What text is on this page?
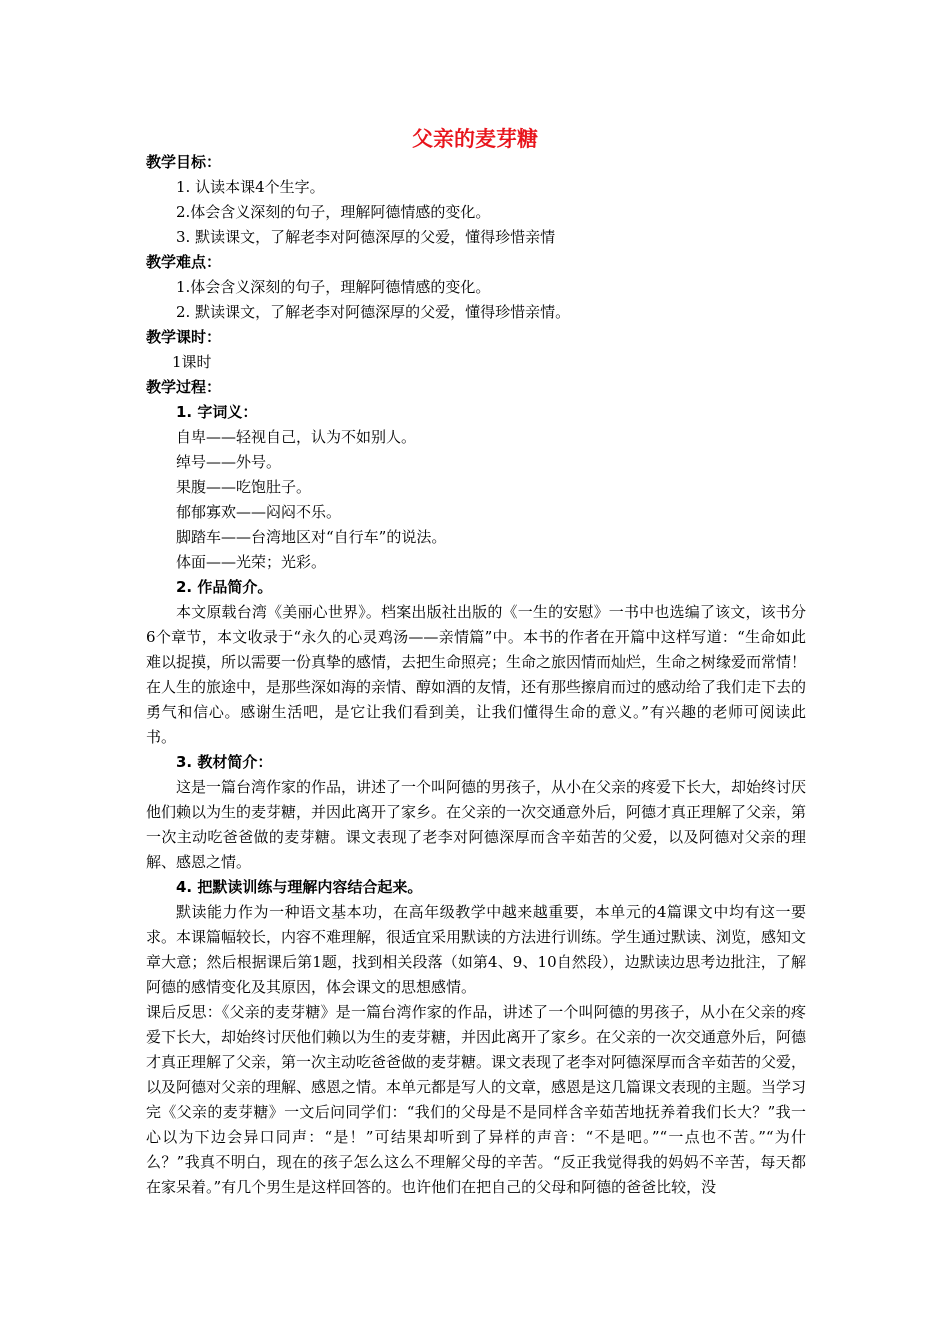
父亲的麦芽糖
教学目标：
1. 认读本课4个生字。
2.体会含义深刻的句子，理解阿德情感的变化。
3. 默读课文，了解老李对阿德深厚的父爱，懂得珍惜亲情
教学难点：
1.体会含义深刻的句子，理解阿德情感的变化。
2. 默读课文，了解老李对阿德深厚的父爱，懂得珍惜亲情。
教学课时：
1课时
教学过程：
1. 字词义：
自卑——轻视自己，认为不如别人。
绰号——外号。
果腹——吃饱肚子。
郁郁寡欢——闷闷不乐。
脚踏车——台湾地区对“自行车”的说法。
体面——光荣；光彩。
2. 作品简介。
本文原载台湾《美丽心世界》。档案出版社出版的《一生的安慰》一书中也选编了该文，该书分6个章节，本文收录于“永久的心灵鸡汤——亲情篇”中。本书的作者在开篇中这样写道：“生命如此难以捉摸，所以需要一份真挚的感情，去把生命照亮；生命之旅因情而灿烂，生命之树缘爱而常情！在人生的旅途中，是那些深如海的亲情、醇如酒的友情，还有那些擦肩而过的感动给了我们走下去的勇气和信心。感谢生活吧，是它让我们看到美，让我们懂得生命的意义。”有兴趣的老师可阅读此书。
3. 教材简介：
这是一篇台湾作家的作品，讲述了一个叫阿德的男孩子，从小在父亲的疼爱下长大，却始终讨厌他们赖以为生的麦芽糖，并因此离开了家乡。在父亲的一次交通意外后，阿德才真正理解了父亲，第一次主动吃爸爸做的麦芽糖。课文表现了老李对阿德深厚而含辛茹苦的父爱，以及阿德对父亲的理解、感恩之情。
4. 把默读训练与理解内容结合起来。
默读能力作为一种语文基本功，在高年级教学中越来越重要，本单元的4篇课文中均有这一要求。本课篇幅较长，内容不难理解，很适宜采用默读的方法进行训练。学生通过默读、浏览，感知文章大意；然后根据课后第1题，找到相关段落（如第4、9、10自然段），边默读边思考边批注，了解阿德的感情变化及其原因，体会课文的思想感情。
课后反思：《父亲的麦芽糖》是一篇台湾作家的作品，讲述了一个叫阿德的男孩子，从小在父亲的疼爱下长大，却始终讨厌他们赖以为生的麦芽糖，并因此离开了家乡。在父亲的一次交通意外后，阿德才真正理解了父亲，第一次主动吃爸爸做的麦芽糖。课文表现了老李对阿德深厚而含辛茹苦的父爱，以及阿德对父亲的理解、感恩之情。本单元都是写人的文章，感恩是这几篇课文表现的主题。当学习完《父亲的麦芽糖》一文后问同学们：“我们的父母是不是同样含辛茹苦地抚养着我们长大？”我一心以为下边会异口同声：“是！”可结果却听到了异样的声音：“不是吧。”“一点也不苦。”“为什么？”我真不明白，现在的孩子怎么这么不理解父母的辛苦。“反正我觉得我的妈妈不辛苦，每天都在家呆着。”有几个男生是这样回答的。也许他们在把自己的父母和阿德的爸爸比较，没
